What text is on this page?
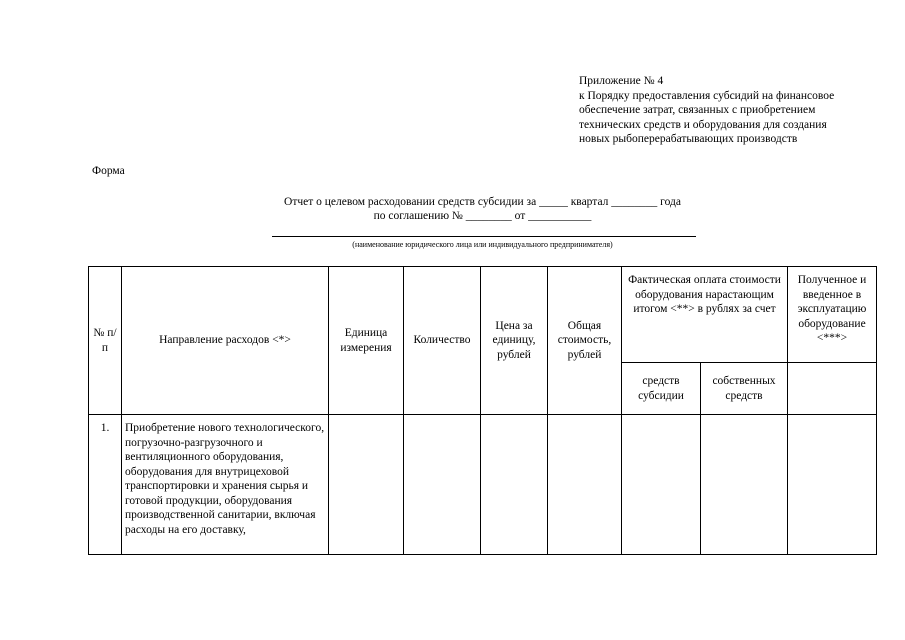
Приложение № 4
к Порядку предоставления субсидий на финансовое
обеспечение затрат, связанных с приобретением
технических средств и оборудования для создания
новых рыбоперерабатывающих производств
Форма
Отчет о целевом расходовании средств субсидии за _____ квартал ________ года
по соглашению № ________ от ___________
(наименование юридического лица или индивидуального предпринимателя)
№ п/п	Направление расходов <*>	Единица измерения	Количество	Цена за единицу, рублей	Общая стоимость, рублей	Фактическая оплата стоимости оборудования нарастающим итогом <**> в рублях за счет		Полученное и введенное в эксплуатацию оборудование <***>
						средств субсидии	собственных средств	
1.	Приобретение нового технологического, погрузочно-разгрузочного и вентиляционного оборудования, оборудования для внутрицеховой транспортировки и хранения сырья и готовой продукции, оборудования производственной санитарии, включая расходы на его доставку,							
